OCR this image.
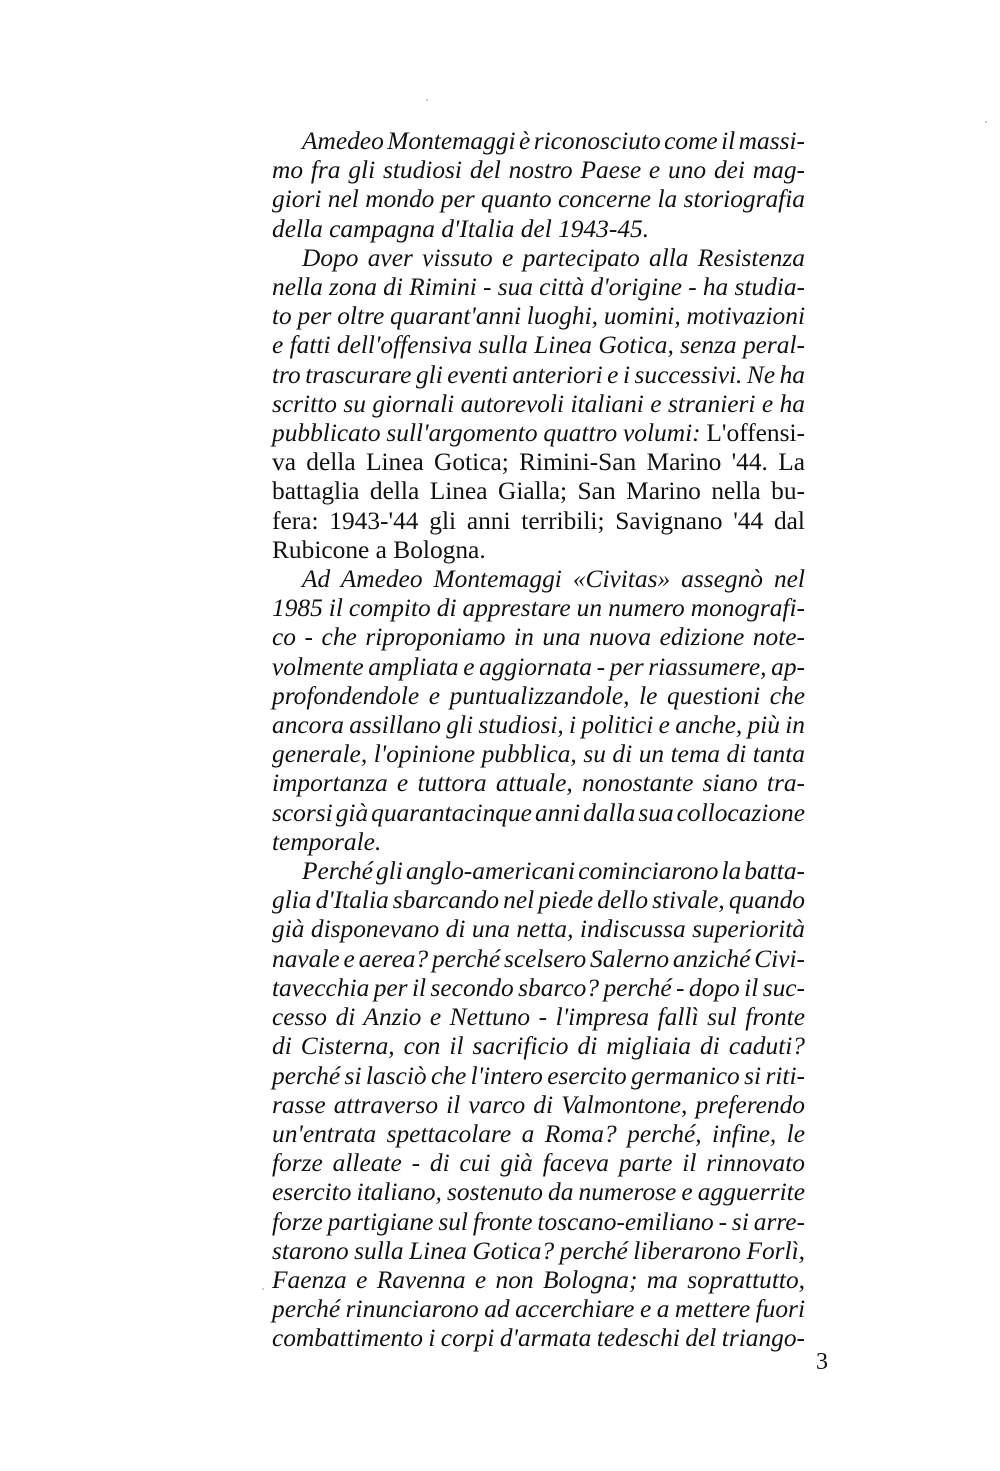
Amedeo Montemaggi è riconosciuto come il massi-
mo fra gli studiosi del nostro Paese e uno dei mag-
giori nel mondo per quanto concerne la storiografia
della campagna d'Italia del 1943-45.
Dopo aver vissuto e partecipato alla Resistenza
nella zona di Rimini - sua città d'origine - ha studia-
to per oltre quarant'anni luoghi, uomini, motivazioni
e fatti dell'offensiva sulla Linea Gotica, senza peral-
tro trascurare gli eventi anteriori e i successivi. Ne ha
scritto su giornali autorevoli italiani e stranieri e ha
pubblicato sull'argomento quattro volumi: L'offensi-
va della Linea Gotica; Rimini-San Marino '44. La
battaglia della Linea Gialla; San Marino nella bu-
fera: 1943-'44 gli anni terribili; Savignano '44 dal
Rubicone a Bologna.
Ad Amedeo Montemaggi «Civitas» assegnò nel
1985 il compito di apprestare un numero monografi-
co - che riproponiamo in una nuova edizione note-
volmente ampliata e aggiornata - per riassumere, ap-
profondendole e puntualizzandole, le questioni che
ancora assillano gli studiosi, i politici e anche, più in
generale, l'opinione pubblica, su di un tema di tanta
importanza e tuttora attuale, nonostante siano tra-
scorsi già quarantacinque anni dalla sua collocazione
temporale.
Perché gli anglo-americani cominciarono la batta-
glia d'Italia sbarcando nel piede dello stivale, quando
già disponevano di una netta, indiscussa superiorità
navale e aerea? perché scelsero Salerno anziché Civi-
tavecchia per il secondo sbarco? perché - dopo il suc-
cesso di Anzio e Nettuno - l'impresa fallì sul fronte
di Cisterna, con il sacrificio di migliaia di caduti?
perché si lasciò che l'intero esercito germanico si riti-
rasse attraverso il varco di Valmontone, preferendo
un'entrata spettacolare a Roma? perché, infine, le
forze alleate - di cui già faceva parte il rinnovato
esercito italiano, sostenuto da numerose e agguerrite
forze partigiane sul fronte toscano-emiliano - si arre-
starono sulla Linea Gotica? perché liberarono Forlì,
Faenza e Ravenna e non Bologna; ma soprattutto,
perché rinunciarono ad accerchiare e a mettere fuori
combattimento i corpi d'armata tedeschi del triango-
3
